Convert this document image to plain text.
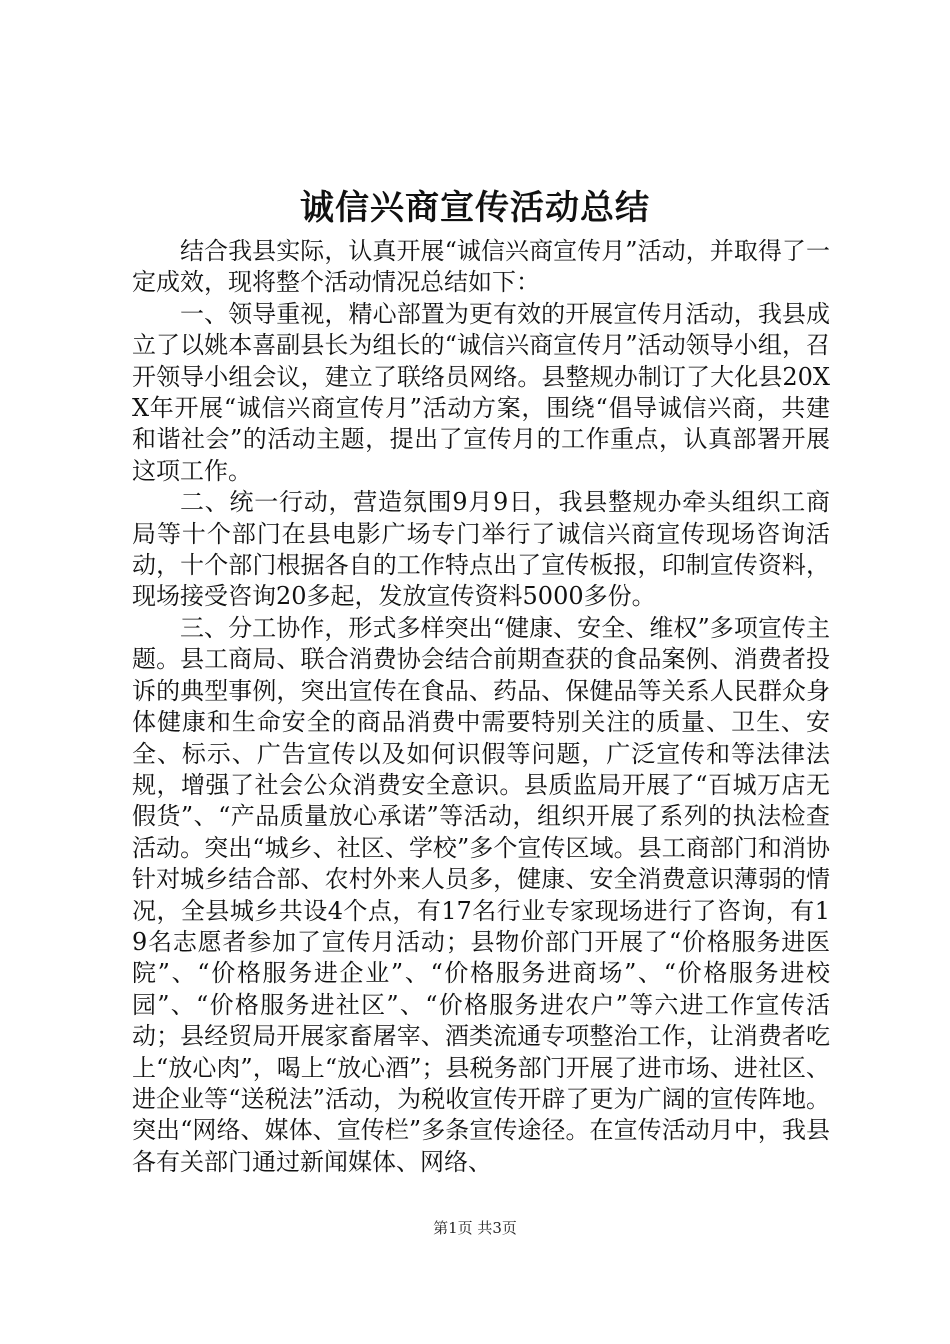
诚信兴商宣传活动总结

结合我县实际，认真开展“诚信兴商宣传月”活动，并取得了一定成效，现将整个活动情况总结如下：

一、领导重视，精心部置为更有效的开展宣传月活动，我县成立了以姚本喜副县长为组长的“诚信兴商宣传月”活动领导小组，召开领导小组会议，建立了联络员网络。县整规办制订了大化县20XX年开展“诚信兴商宣传月”活动方案，围绕“倡导诚信兴商，共建和谐社会”的活动主题，提出了宣传月的工作重点，认真部署开展这项工作。

二、统一行动，营造氛围9月9日，我县整规办牵头组织工商局等十个部门在县电影广场专门举行了诚信兴商宣传现场咨询活动，十个部门根据各自的工作特点出了宣传板报，印制宣传资料，现场接受咨询20多起，发放宣传资料5000多份。

三、分工协作，形式多样突出“健康、安全、维权”多项宣传主题。县工商局、联合消费协会结合前期查获的食品案例、消费者投诉的典型事例，突出宣传在食品、药品、保健品等关系人民群众身体健康和生命安全的商品消费中需要特别关注的质量、卫生、安全、标示、广告宣传以及如何识假等问题，广泛宣传和等法律法规，增强了社会公众消费安全意识。县质监局开展了“百城万店无假货”、“产品质量放心承诺”等活动，组织开展了系列的执法检查活动。突出“城乡、社区、学校”多个宣传区域。县工商部门和消协针对城乡结合部、农村外来人员多，健康、安全消费意识薄弱的情况，全县城乡共设4个点，有17名行业专家现场进行了咨询，有19名志愿者参加了宣传月活动；县物价部门开展了“价格服务进医院”、“价格服务进企业”、“价格服务进商场”、“价格服务进校园”、“价格服务进社区”、“价格服务进农户”等六进工作宣传活动；县经贸局开展家畜屠宰、酒类流通专项整治工作，让消费者吃上“放心肉”，喝上“放心酒”；县税务部门开展了进市场、进社区、进企业等“送税法”活动，为税收宣传开辟了更为广阔的宣传阵地。突出“网络、媒体、宣传栏”多条宣传途径。在宣传活动月中，我县各有关部门通过新闻媒体、网络、

第1页 共3页
